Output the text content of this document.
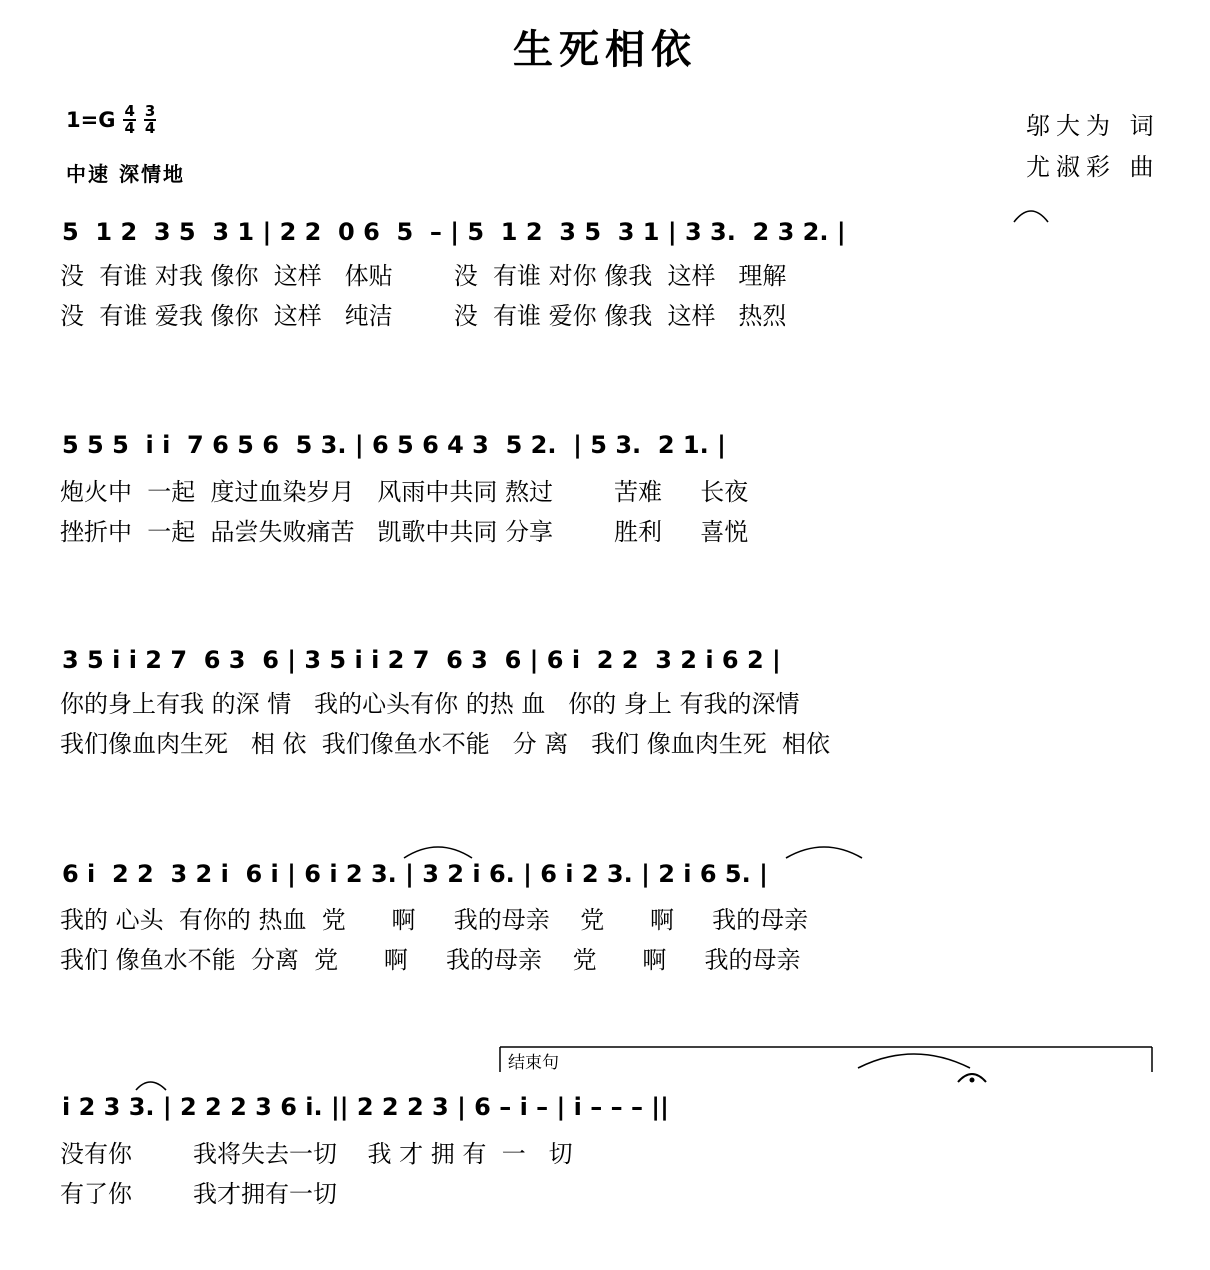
生死相依
1=G 4
4
3
4
中速 深情地
邬大为 词
尤淑彩 曲
5  1 2  3 5  3 1 | 2 2  0 6  5  – | 5  1 2  3 5  3 1 | 3 3.  2 3 2. |
没  有谁 对我 像你  这样   体贴        没  有谁 对你 像我  这样   理解
没  有谁 爱我 像你  这样   纯洁        没  有谁 爱你 像我  这样   热烈
5 5 5  i i  7 6 5 6  5 3. | 6 5 6 4 3  5 2.  | 5 3.  2 1. |
炮火中  一起  度过血染岁月   风雨中共同 熬过        苦难     长夜
挫折中  一起  品尝失败痛苦   凯歌中共同 分享        胜利     喜悦
3 5 i i 2 7  6 3  6 | 3 5 i i 2 7  6 3  6 | 6 i  2 2  3 2 i 6 2 |
你的身上有我 的深 情   我的心头有你 的热 血   你的 身上 有我的深情
我们像血肉生死   相 依  我们像鱼水不能   分 离   我们 像血肉生死  相依
6 i  2 2  3 2 i  6 i | 6 i 2 3. | 3 2 i 6. | 6 i 2 3. | 2 i 6 5. |
我的 心头  有你的 热血  党      啊     我的母亲    党      啊     我的母亲
我们 像鱼水不能  分离  党      啊     我的母亲    党      啊     我的母亲
i 2 3 3. | 2 2 2 3 6 i. || 2 2 2 3 | 6 – i – | i – – – ||
没有你        我将失去一切    我 才 拥 有  一   切
有了你        我才拥有一切
结束句
